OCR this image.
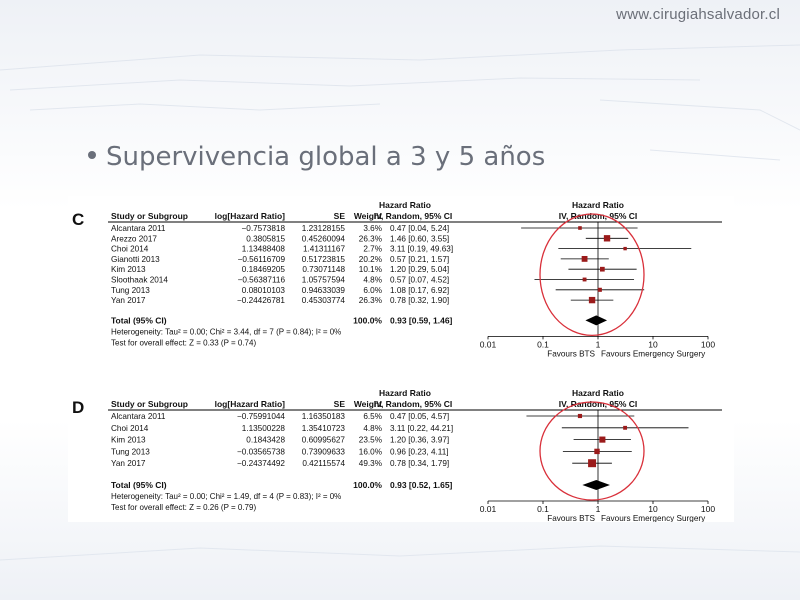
www.cirugiahsalvador.cl
Supervivencia global a 3 y 5 años
C
Hazard Ratio	Hazard Ratio
Study or Subgroup	log[Hazard Ratio]	SE Weight
IV, Random, 95% CI	IV, Random, 95% CI
Alcantara 2011	−0.7573818 1.23128155 3.6% 0.47 [0.04, 5.24]
Arezzo 2017	0.3805815 0.45260094 26.3% 1.46 [0.60, 3.55]
Choi 2014	1.13488408 1.41311167 2.7% 3.11 [0.19, 49.63]
Gianotti 2013	−0.56116709 0.51723815 20.2% 0.57 [0.21, 1.57]
Kim 2013	0.18469205 0.73071148 10.1% 1.20 [0.29, 5.04]
Sloothaak 2014	−0.56387116 1.05757594 4.8% 0.57 [0.07, 4.52]
Tung 2013	0.08010103 0.94633039 6.0% 1.08 [0.17, 6.92]
Yan 2017	−0.24426781 0.45303774 26.3% 0.78 [0.32, 1.90]
Total (95% CI)	100.0% 0.93 [0.59, 1.46]
Heterogeneity: Tau² = 0.00; Chi² = 3.44, df = 7 (P = 0.84); I² = 0%
Test for overall effect: Z = 0.33 (P = 0.74)	0.01	0.1	1	10	100
Favours BTS Favours Emergency Surgery
D
Hazard Ratio	Hazard Ratio
Study or Subgroup	log[Hazard Ratio]	SE Weight
IV, Random, 95% CI	IV, Random, 95% CI
Alcantara 2011	−0.75991044 1.16350183 6.5% 0.47 [0.05, 4.57]
Choi 2014	1.13500228 1.35410723 4.8% 3.11 [0.22, 44.21]
Kim 2013	0.1843428 0.60995627 23.5% 1.20 [0.36, 3.97]
Tung 2013	−0.03565738 0.73909633 16.0% 0.96 [0.23, 4.11]
Yan 2017	−0.24374492 0.42115574 49.3% 0.78 [0.34, 1.79]
Total (95% CI)	100.0% 0.93 [0.52, 1.65]
Heterogeneity: Tau² = 0.00; Chi² = 1.49, df = 4 (P = 0.83); I² = 0%
Test for overall effect: Z = 0.26 (P = 0.79)	0.01	0.1	1	10	100
Favours BTS Favours Emergency Surgery
